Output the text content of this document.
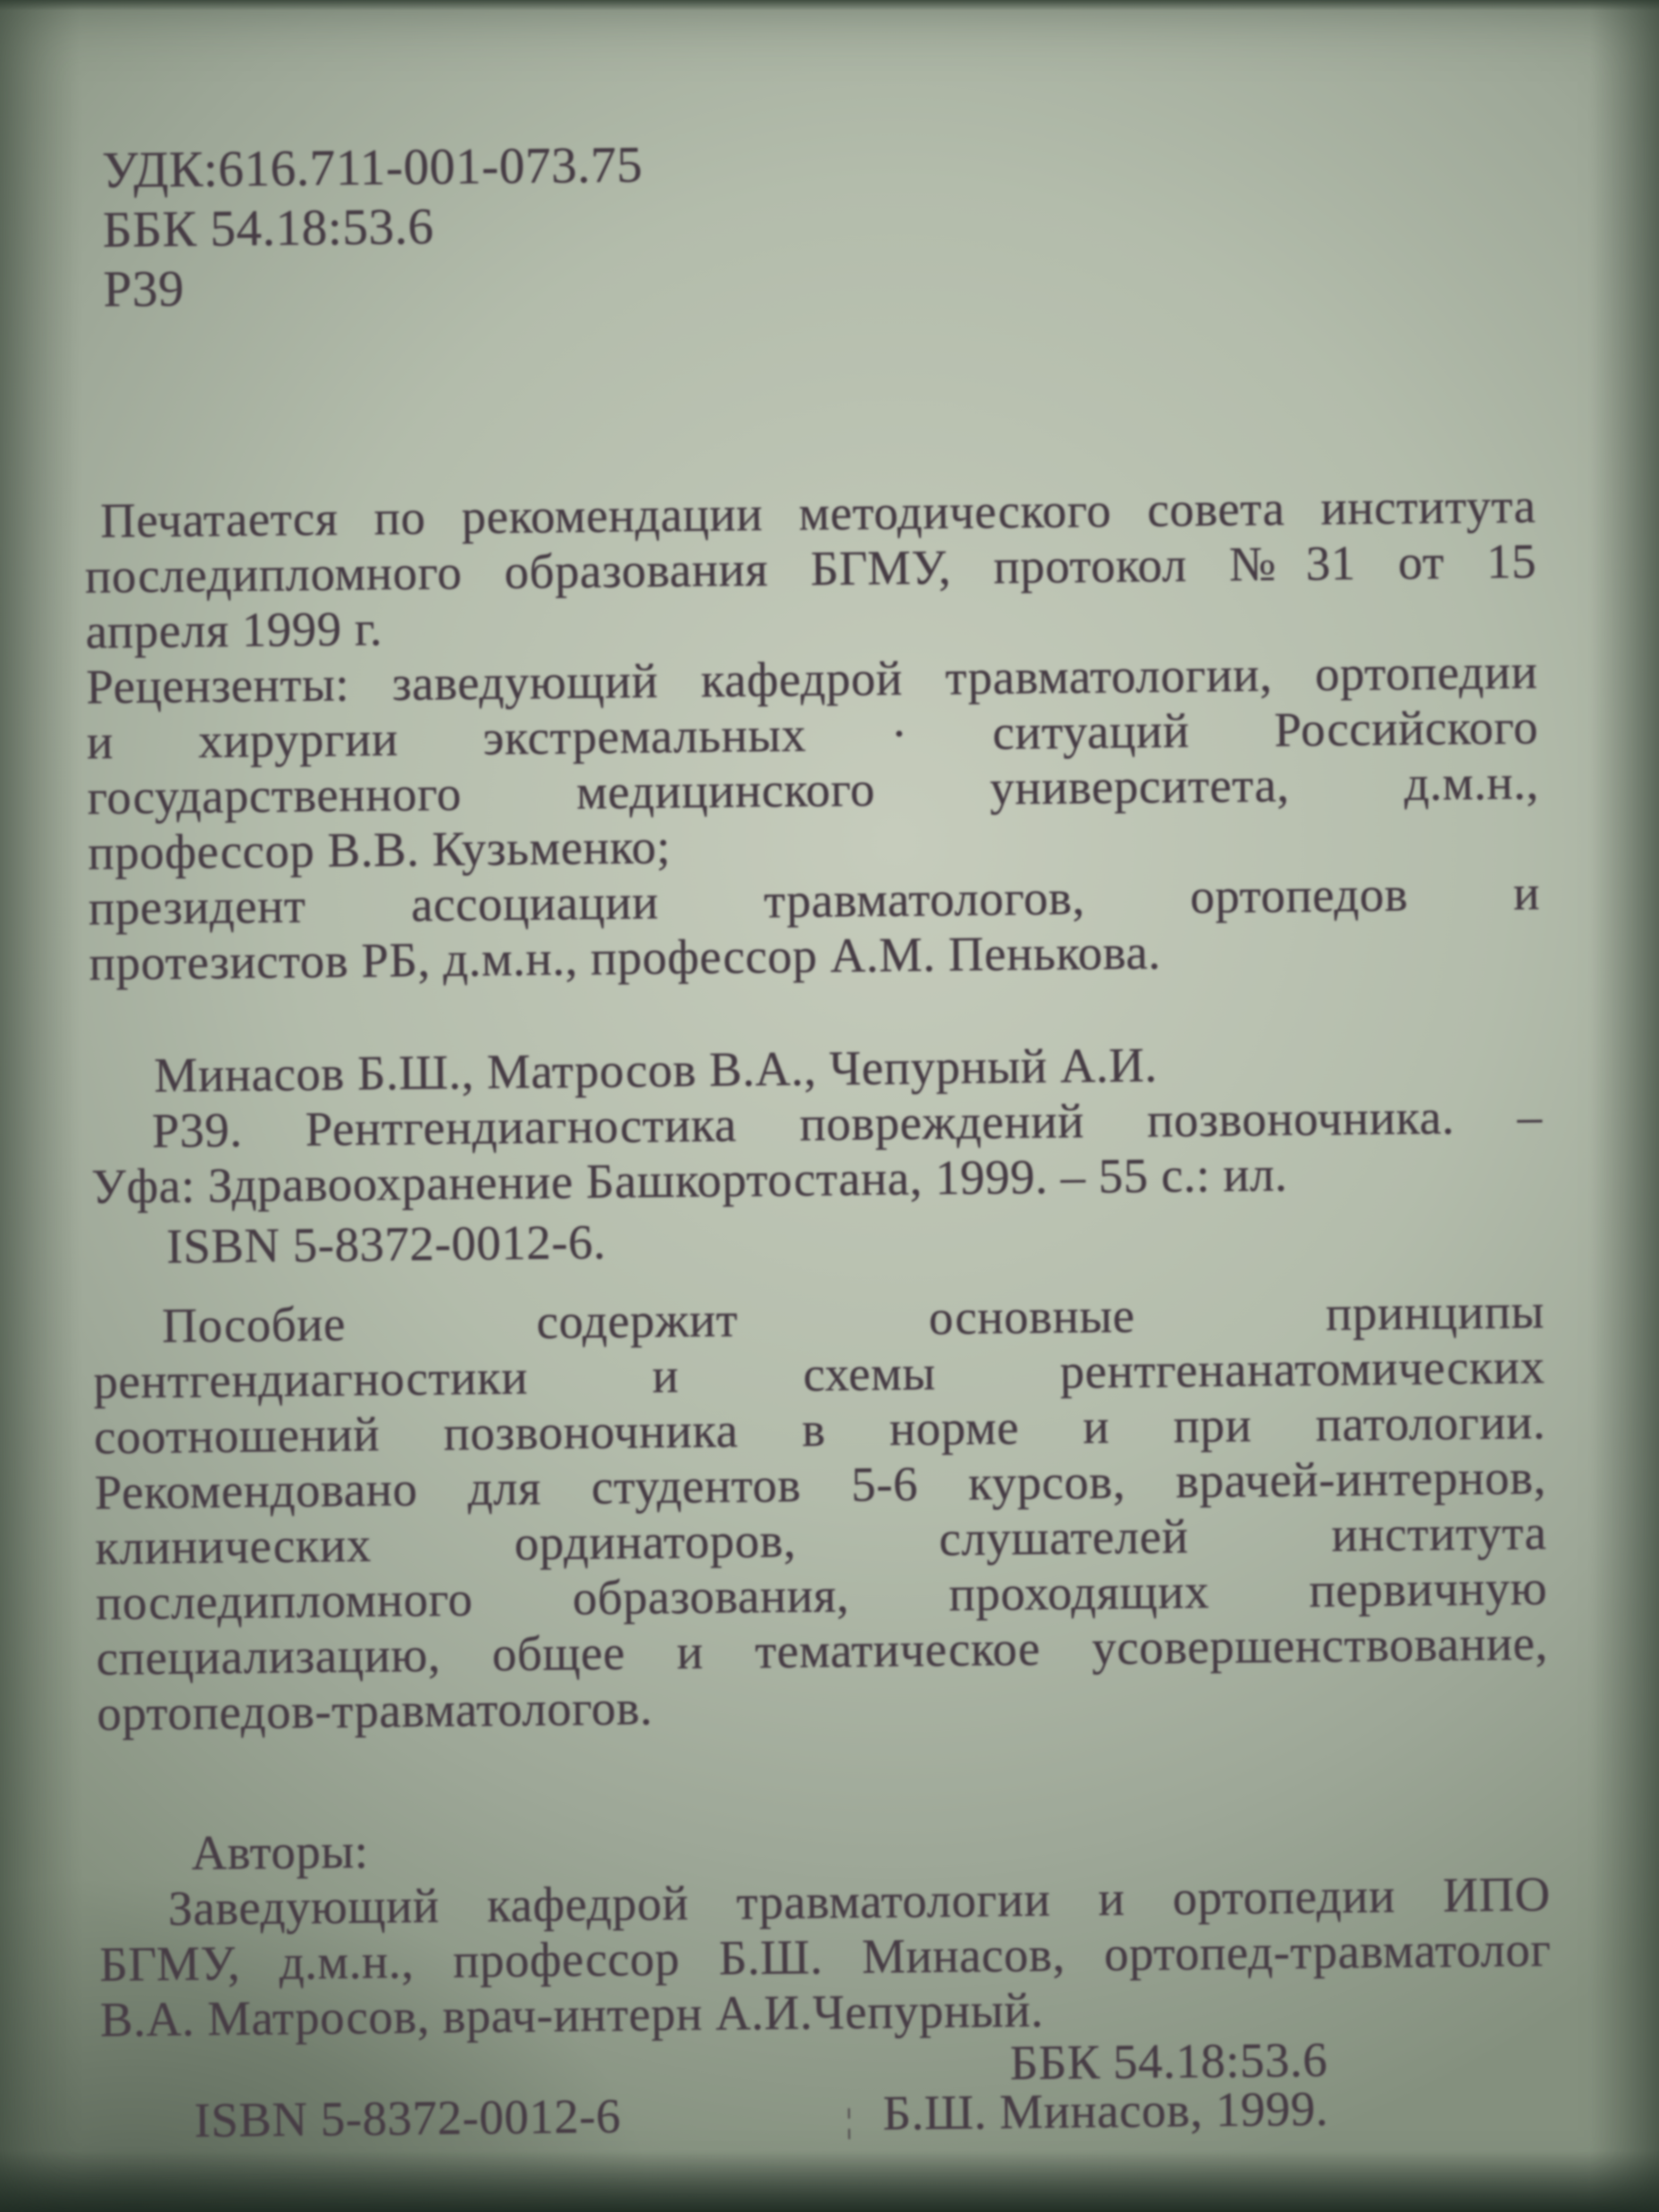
УДК:616.711-001-073.75
ББК 54.18:53.6
Р39
Печатается по рекомендации методического совета института
последипломного образования БГМУ, протокол №31 от 15
апреля 1999 г.
Рецензенты: заведующий кафедрой травматологии, ортопедии
и хирургии экстремальных · ситуаций Российского
государственного медицинского университета, д.м.н.,
профессор В.В. Кузьменко;
президент ассоциации травматологов, ортопедов и
протезистов РБ, д.м.н., профессор А.М. Пенькова.
Минасов Б.Ш., Матросов В.А., Чепурный А.И.
Р39. Рентгендиагностика повреждений позвоночника. –
Уфа: Здравоохранение Башкортостана, 1999. – 55 с.: ил.
ISBN 5-8372-0012-6.
Пособие содержит основные принципы
рентгендиагностики и схемы рентгенанатомических
соотношений позвоночника в норме и при патологии.
Рекомендовано для студентов 5-6 курсов, врачей-интернов,
клинических ординаторов, слушателей института
последипломного образования, проходящих первичную
специализацию, общее и тематическое усовершенствование,
ортопедов-травматологов.
Авторы:
Заведующий кафедрой травматологии и ортопедии ИПО
БГМУ, д.м.н., профессор Б.Ш. Минасов, ортопед-травматолог
В.А. Матросов, врач-интерн А.И.Чепурный.
ББК 54.18:53.6
ISBN 5-8372-0012-6	¦ Б.Ш. Минасов, 1999.
